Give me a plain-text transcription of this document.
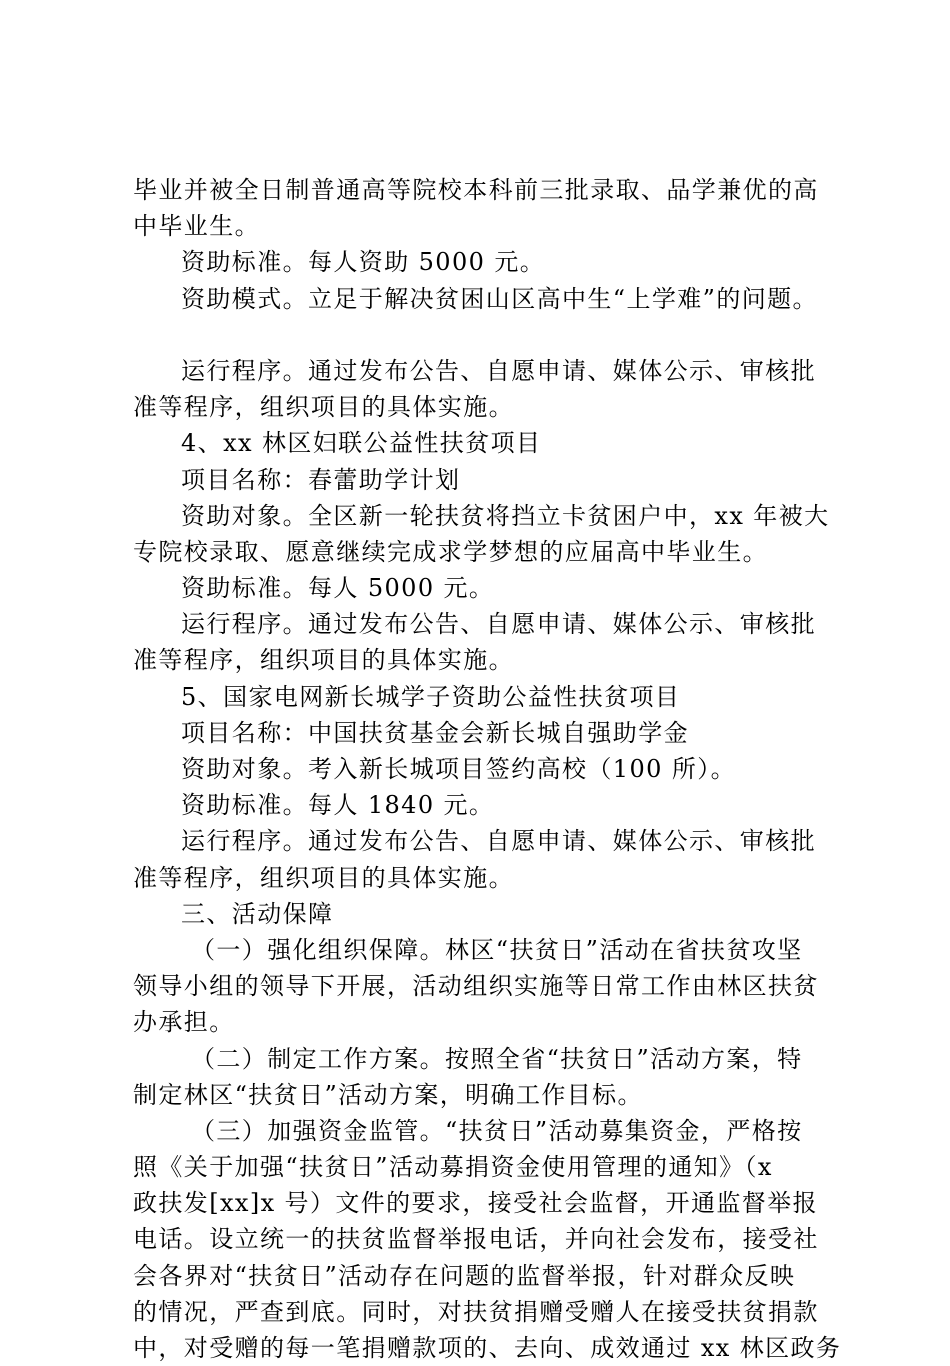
毕业并被全日制普通高等院校本科前三批录取、品学兼优的高
中毕业生。
资助标准。每人资助 5000 元。
资助模式。立足于解决贫困山区高中生“上学难”的问题。
运行程序。通过发布公告、自愿申请、媒体公示、审核批
准等程序，组织项目的具体实施。
4、xx 林区妇联公益性扶贫项目
项目名称：春蕾助学计划
资助对象。全区新一轮扶贫将挡立卡贫困户中，xx 年被大
专院校录取、愿意继续完成求学梦想的应届高中毕业生。
资助标准。每人 5000 元。
运行程序。通过发布公告、自愿申请、媒体公示、审核批
准等程序，组织项目的具体实施。
5、国家电网新长城学子资助公益性扶贫项目
项目名称：中国扶贫基金会新长城自强助学金
资助对象。考入新长城项目签约高校（100 所）。
资助标准。每人 1840 元。
运行程序。通过发布公告、自愿申请、媒体公示、审核批
准等程序，组织项目的具体实施。
三、活动保障
（一）强化组织保障。林区“扶贫日”活动在省扶贫攻坚
领导小组的领导下开展，活动组织实施等日常工作由林区扶贫
办承担。
（二）制定工作方案。按照全省“扶贫日”活动方案，特
制定林区“扶贫日”活动方案，明确工作目标。
（三）加强资金监管。“扶贫日”活动募集资金，严格按
照《关于加强“扶贫日”活动募捐资金使用管理的通知》（x
政扶发[xx]x 号）文件的要求，接受社会监督，开通监督举报
电话。设立统一的扶贫监督举报电话，并向社会发布，接受社
会各界对“扶贫日”活动存在问题的监督举报，针对群众反映
的情况，严查到底。同时，对扶贫捐赠受赠人在接受扶贫捐款
中，对受赠的每一笔捐赠款项的、去向、成效通过 xx 林区政务
